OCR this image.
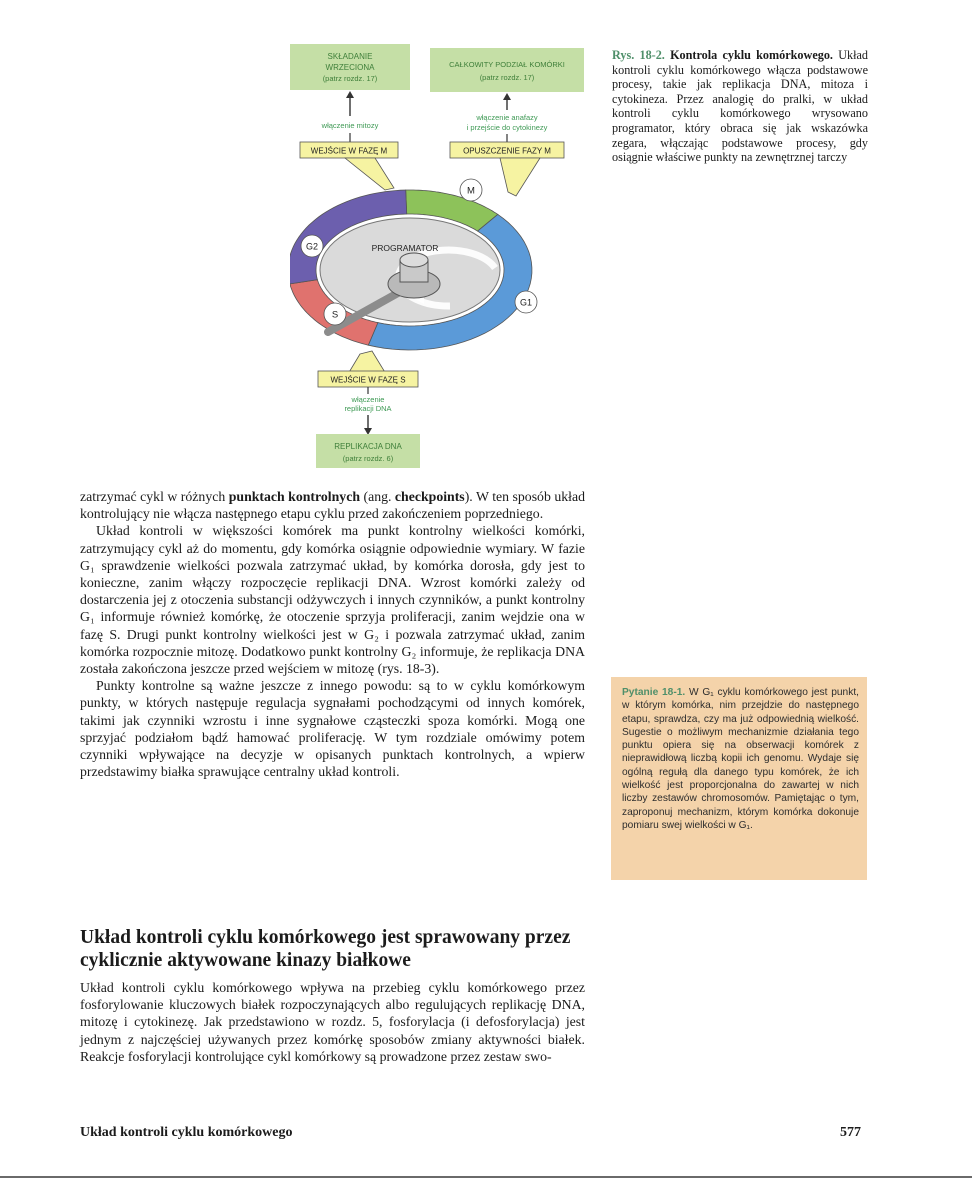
SKŁADANIE
WRZECIONA
(patrz rozdz. 17)
CAŁKOWITY PODZIAŁ KOMÓRKI
(patrz rozdz. 17)
włączenie mitozy
włączenie anafazy
i przejście do cytokinezy
WEJŚCIE W FAZĘ M	OPUSZCZENIE FAZY M
PROGRAMATOR
M
G1
G2
S
WEJŚCIE W FAZĘ S
włączenie
replikacji DNA
REPLIKACJA DNA
(patrz rozdz. 6)
Rys. 18-2. Kontrola cyklu komórkowego. Układ kontroli cyklu komórkowego włącza podstawowe procesy, takie jak replikacja DNA, mitoza i cytokineza. Przez analogię do pralki, w układ kontroli cyklu komórkowego wrysowano programator, który obraca się jak wskazówka zegara, włączając podstawowe procesy, gdy osiągnie właściwe punkty na zewnętrznej tarczy

zatrzymać cykl w różnych punktach kontrolnych (ang. checkpoints). W ten sposób układ kontrolujący nie włącza następnego etapu cyklu przed zakończeniem poprzedniego.

Układ kontroli w większości komórek ma punkt kontrolny wielkości komórki, zatrzymujący cykl aż do momentu, gdy komórka osiągnie odpowiednie wymiary. W fazie G₁ sprawdzenie wielkości pozwala zatrzymać układ, by komórka dorosła, gdy jest to konieczne, zanim włączy rozpoczęcie replikacji DNA. Wzrost komórki zależy od dostarczenia jej z otoczenia substancji odżywczych i innych czynników, a punkt kontrolny G₁ informuje również komórkę, że otoczenie sprzyja proliferacji, zanim wejdzie ona w fazę S. Drugi punkt kontrolny wielkości jest w G₂ i pozwala zatrzymać układ, zanim komórka rozpocznie mitozę. Dodatkowo punkt kontrolny G₂ informuje, że replikacja DNA została zakończona jeszcze przed wejściem w mitozę (rys. 18-3).

Punkty kontrolne są ważne jeszcze z innego powodu: są to w cyklu komórkowym punkty, w których następuje regulacja sygnałami pochodzącymi od innych komórek, takimi jak czynniki wzrostu i inne sygnałowe cząsteczki spoza komórki. Mogą one sprzyjać podziałom bądź hamować proliferację. W tym rozdziale omówimy potem czynniki wpływające na decyzje w opisanych punktach kontrolnych, a wpierw przedstawimy białka sprawujące centralny układ kontroli.

Układ kontroli cyklu komórkowego jest sprawowany przez cyklicznie aktywowane kinazy białkowe

Układ kontroli cyklu komórkowego wpływa na przebieg cyklu komórkowego przez fosforylowanie kluczowych białek rozpoczynających albo regulujących replikację DNA, mitozę i cytokinezę. Jak przedstawiono w rozdz. 5, fosforylacja (i defosforylacja) jest jednym z najczęściej używanych przez komórkę sposobów zmiany aktywności białek. Reakcje fosforylacji kontrolujące cykl komórkowy są prowadzone przez zestaw swo-

Pytanie 18-1. W G₁ cyklu komórkowego jest punkt, w którym komórka, nim przejdzie do następnego etapu, sprawdza, czy ma już odpowiednią wielkość. Sugestie o możliwym mechanizmie działania tego punktu opiera się na obserwacji komórek z nieprawidłową liczbą kopii ich genomu. Wydaje się ogólną regułą dla danego typu komórek, że ich wielkość jest proporcjonalna do zawartej w nich liczby zestawów chromosomów. Pamiętając o tym, zaproponuj mechanizm, którym komórka dokonuje pomiaru swej wielkości w G₁.
Układ kontroli cyklu komórkowego	577
